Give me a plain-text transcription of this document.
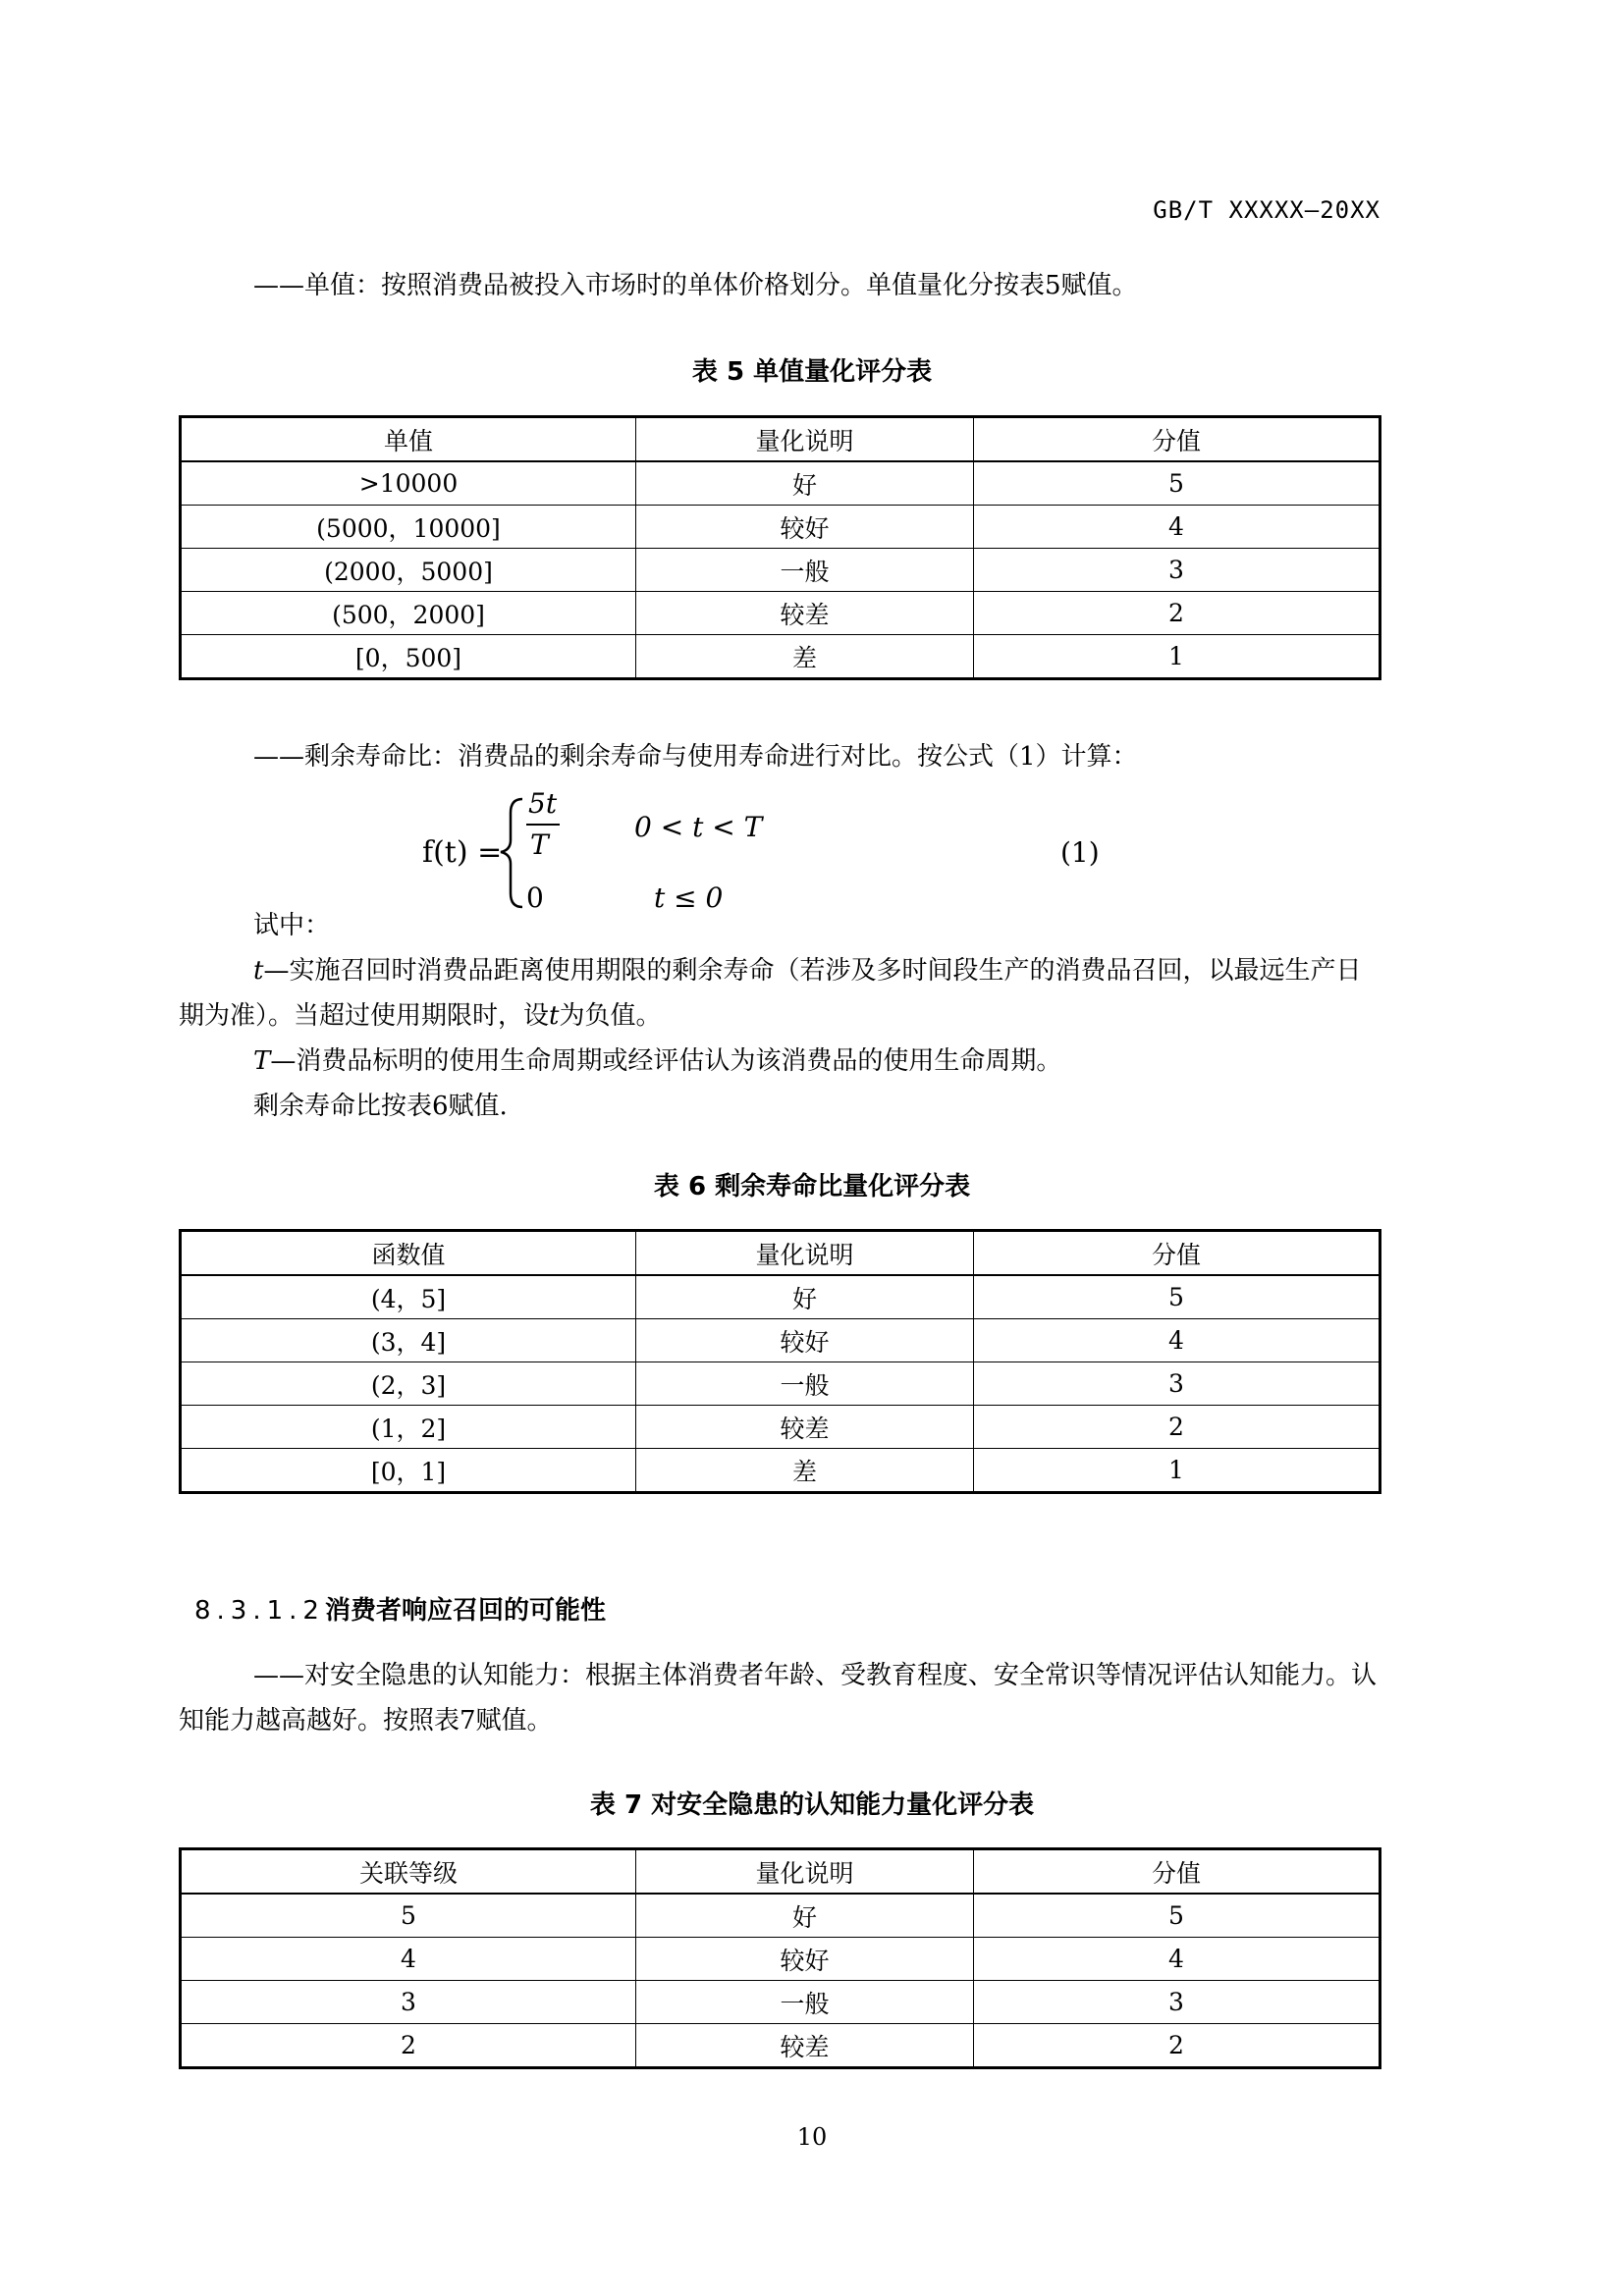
GB/T XXXXX—20XX
——单值：按照消费品被投入市场时的单体价格划分。单值量化分按表5赋值。
表 5 单值量化评分表
单值	量化说明	分值
>10000	好	5
(5000，10000]	较好	4
(2000，5000]	一般	3
(500，2000]	较差	2
[0，500]	差	1
——剩余寿命比：消费品的剩余寿命与使用寿命进行对比。按公式（1）计算：
f(t) =
5t
T
0 < t < T
0	t ≤ 0
(1)
试中：
t—实施召回时消费品距离使用期限的剩余寿命（若涉及多时间段生产的消费品召回，以最远生产日期为准）。当超过使用期限时，设t为负值。
T—消费品标明的使用生命周期或经评估认为该消费品的使用生命周期。
剩余寿命比按表6赋值.
表 6 剩余寿命比量化评分表
函数值	量化说明	分值
(4，5]	好	5
(3，4]	较好	4
(2，3]	一般	3
(1，2]	较差	2
[0，1]	差	1
8.3.1.2消费者响应召回的可能性
——对安全隐患的认知能力：根据主体消费者年龄、受教育程度、安全常识等情况评估认知能力。认知能力越高越好。按照表7赋值。
表 7 对安全隐患的认知能力量化评分表
关联等级	量化说明	分值
5	好	5
4	较好	4
3	一般	3
2	较差	2
10
